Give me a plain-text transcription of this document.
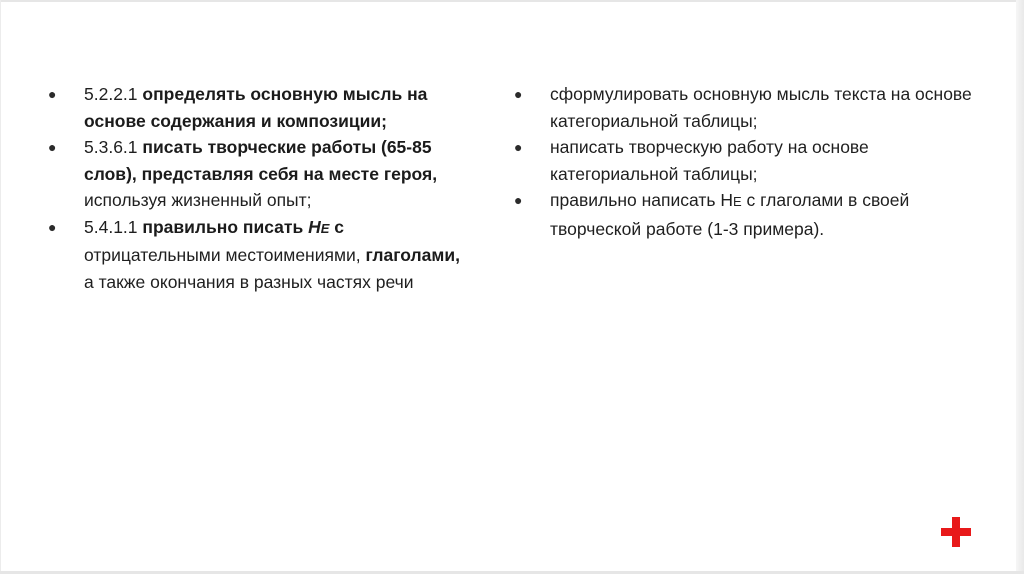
● 5.2.2.1 определять основную мысль на основе содержания и композиции;
● 5.3.6.1 писать творческие работы (65-85 слов), представляя себя на месте героя, используя жизненный опыт;
● 5.4.1.1 правильно писать НЕ с отрицательными местоимениями, глаголами, а также окончания в разных частях речи
● сформулировать основную мысль текста на основе категориальной таблицы;
● написать творческую работу на основе категориальной таблицы;
● правильно написать НЕ с глаголами в своей творческой работе (1-3 примера).
